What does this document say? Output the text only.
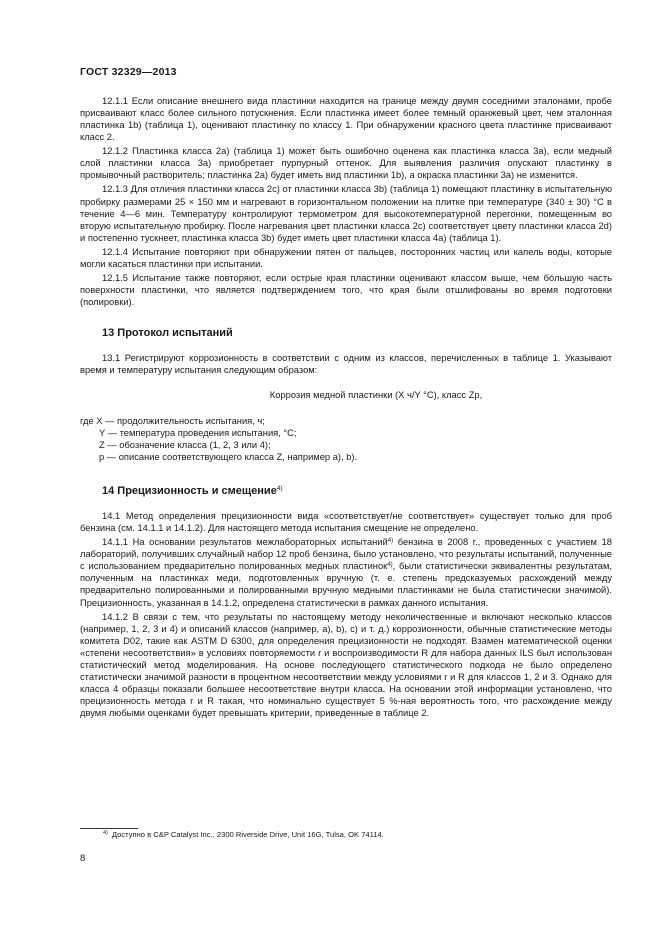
ГОСТ 32329—2013

12.1.1 Если описание внешнего вида пластинки находится на границе между двумя соседними эталонами, пробе присваивают класс более сильного потускнения. Если пластинка имеет более темный оранжевый цвет, чем эталонная пластинка 1b) (таблица 1), оценивают пластинку по классу 1. При обнаружении красного цвета пластинке присваивают класс 2.

12.1.2 Пластинка класса 2a) (таблица 1) может быть ошибочно оценена как пластинка класса 3a), если медный слой пластинки класса 3a) приобретает пурпурный оттенок. Для выявления различия опускают пластинку в промывочный растворитель; пластинка 2a) будет иметь вид пластинки 1b), а окраска пластинки 3a) не изменится.

12.1.3 Для отличия пластинки класса 2c) от пластинки класса 3b) (таблица 1) помещают пластинку в испытательную пробирку размерами 25 × 150 мм и нагревают в горизонтальном положении на плитке при температуре (340 ± 30) °С в течение 4—6 мин. Температуру контролируют термометром для высокотемпературной перегонки, помещенным во вторую испытательную пробирку. После нагревания цвет пластинки класса 2c) соответствует цвету пластинки класса 2d) и постепенно тускнеет, пластинка класса 3b) будет иметь цвет пластинки класса 4a) (таблица 1).

12.1.4 Испытание повторяют при обнаружении пятен от пальцев, посторонних частиц или капель воды, которые могли касаться пластинки при испытании.

12.1.5 Испытание также повторяют, если острые края пластинки оценивают классом выше, чем бо́льшую часть поверхности пластинки, что является подтверждением того, что края были отшлифованы во время подготовки (полировки).

13 Протокол испытаний

13.1 Регистрируют коррозионность в соответствии с одним из классов, перечисленных в таблице 1. Указывают время и температуру испытания следующим образом:

Коррозия медной пластинки (X ч/Y °С), класс Zp,
где X — продолжительность испытания, ч;
Y — температура проведения испытания, °С;
Z — обозначение класса (1, 2, 3 или 4);
p — описание соответствующего класса Z, например a), b).
14 Прецизионность и смещение$^{4)}$

14.1 Метод определения прецизионности вида «соответствует/не соответствует» существует только для проб бензина (см. 14.1.1 и 14.1.2). Для настоящего метода испытания смещение не определено.

14.1.1 На основании результатов межлабораторных испытаний$^{4)}$ бензина в 2008 г., проведенных с участием 18 лабораторий, получивших случайный набор 12 проб бензина, было установлено, что результаты испытаний, полученные с использованием предварительно полированных медных пластинок$^{4)}$, были статистически эквивалентны результатам, полученным на пластинках меди, подготовленных вручную (т. е. степень предсказуемых расхождений между предварительно полированными и полированными вручную медными пластинками не была статистически значимой). Прецизионность, указанная в 14.1.2, определена статистически в рамках данного испытания.

14.1.2 В связи с тем, что результаты по настоящему методу неколичественные и включают несколько классов (например, 1, 2, 3 и 4) и описаний классов (например, a), b), c) и т. д.) коррозионности, обычные статистические методы комитета D02, такие как ASTM D 6300, для определения прецизионности не подходят. Взамен математической оценки «степени несоответствия» в условиях повторяемости r и воспроизводимости R для набора данных ILS был использован статистический метод моделирования. На основе последующего статистического подхода не было определено статистически значимой разности в процентном несоответствии между условиями r и R для классов 1, 2 и 3. Однако для класса 4 образцы показали большее несоответствие внутри класса. На основании этой информации установлено, что прецизионность метода r и R такая, что номинально существует 5 %-ная вероятность того, что расхождение между двумя любыми оценками будет превышать критерии, приведенные в таблице 2.

$^{4)}$ Доступно в C&P Catalyst Inc., 2300 Riverside Drive, Unit 16G, Tulsa, OK 74114.
8
